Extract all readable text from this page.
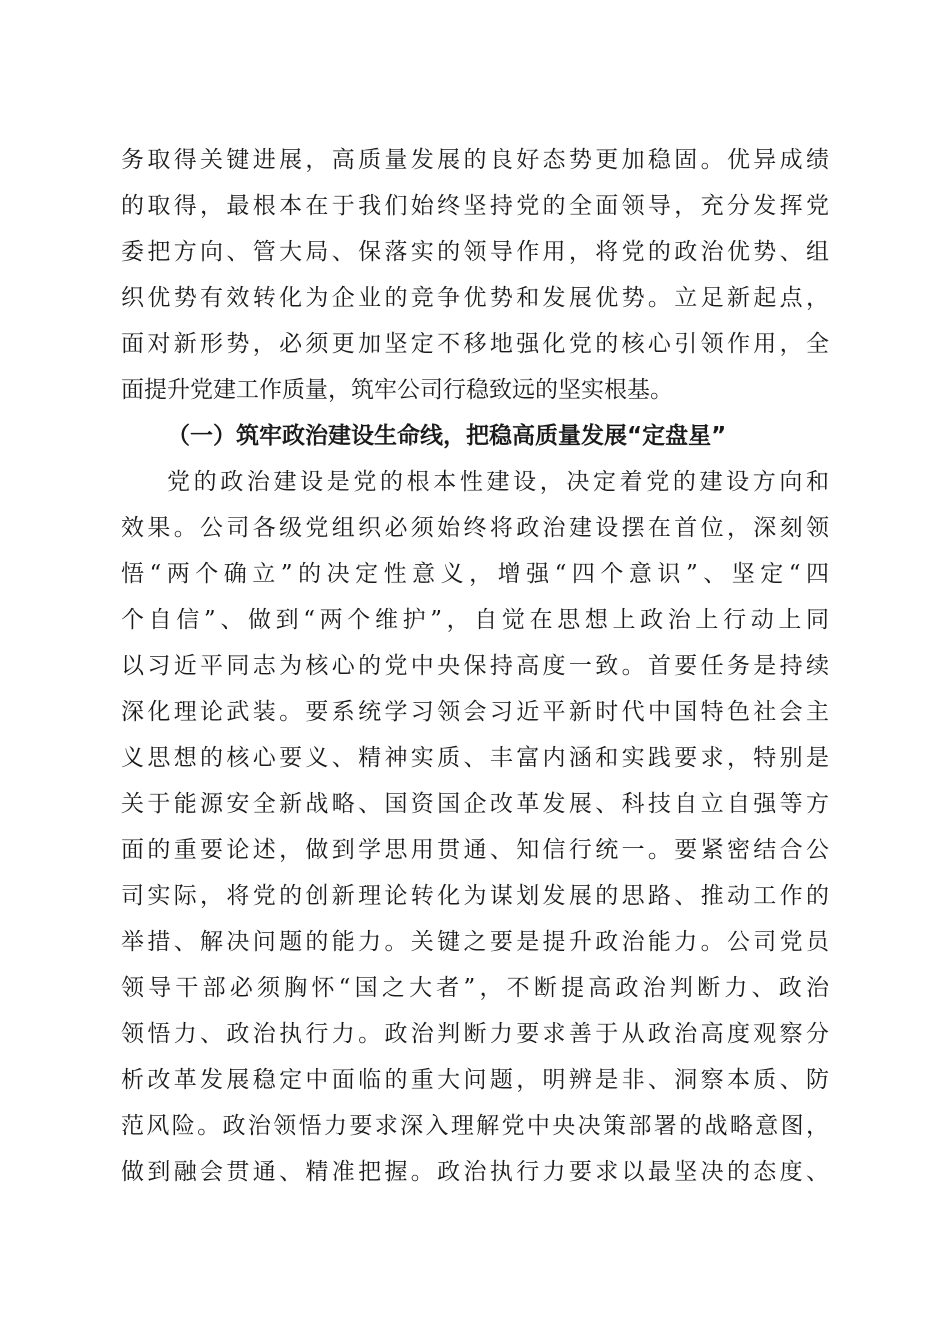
务取得关键进展，高质量发展的良好态势更加稳固。优异成绩
的取得，最根本在于我们始终坚持党的全面领导，充分发挥党
委把方向、管大局、保落实的领导作用，将党的政治优势、组
织优势有效转化为企业的竞争优势和发展优势。立足新起点，
面对新形势，必须更加坚定不移地强化党的核心引领作用，全
面提升党建工作质量，筑牢公司行稳致远的坚实根基。
（一）筑牢政治建设生命线，把稳高质量发展“定盘星”
党的政治建设是党的根本性建设，决定着党的建设方向和
效果。公司各级党组织必须始终将政治建设摆在首位，深刻领
悟“两个确立”的决定性意义，增强“四个意识”、坚定“四
个自信”、做到“两个维护”，自觉在思想上政治上行动上同
以习近平同志为核心的党中央保持高度一致。首要任务是持续
深化理论武装。要系统学习领会习近平新时代中国特色社会主
义思想的核心要义、精神实质、丰富内涵和实践要求，特别是
关于能源安全新战略、国资国企改革发展、科技自立自强等方
面的重要论述，做到学思用贯通、知信行统一。要紧密结合公
司实际，将党的创新理论转化为谋划发展的思路、推动工作的
举措、解决问题的能力。关键之要是提升政治能力。公司党员
领导干部必须胸怀“国之大者”，不断提高政治判断力、政治
领悟力、政治执行力。政治判断力要求善于从政治高度观察分
析改革发展稳定中面临的重大问题，明辨是非、洞察本质、防
范风险。政治领悟力要求深入理解党中央决策部署的战略意图，
做到融会贯通、精准把握。政治执行力要求以最坚决的态度、
